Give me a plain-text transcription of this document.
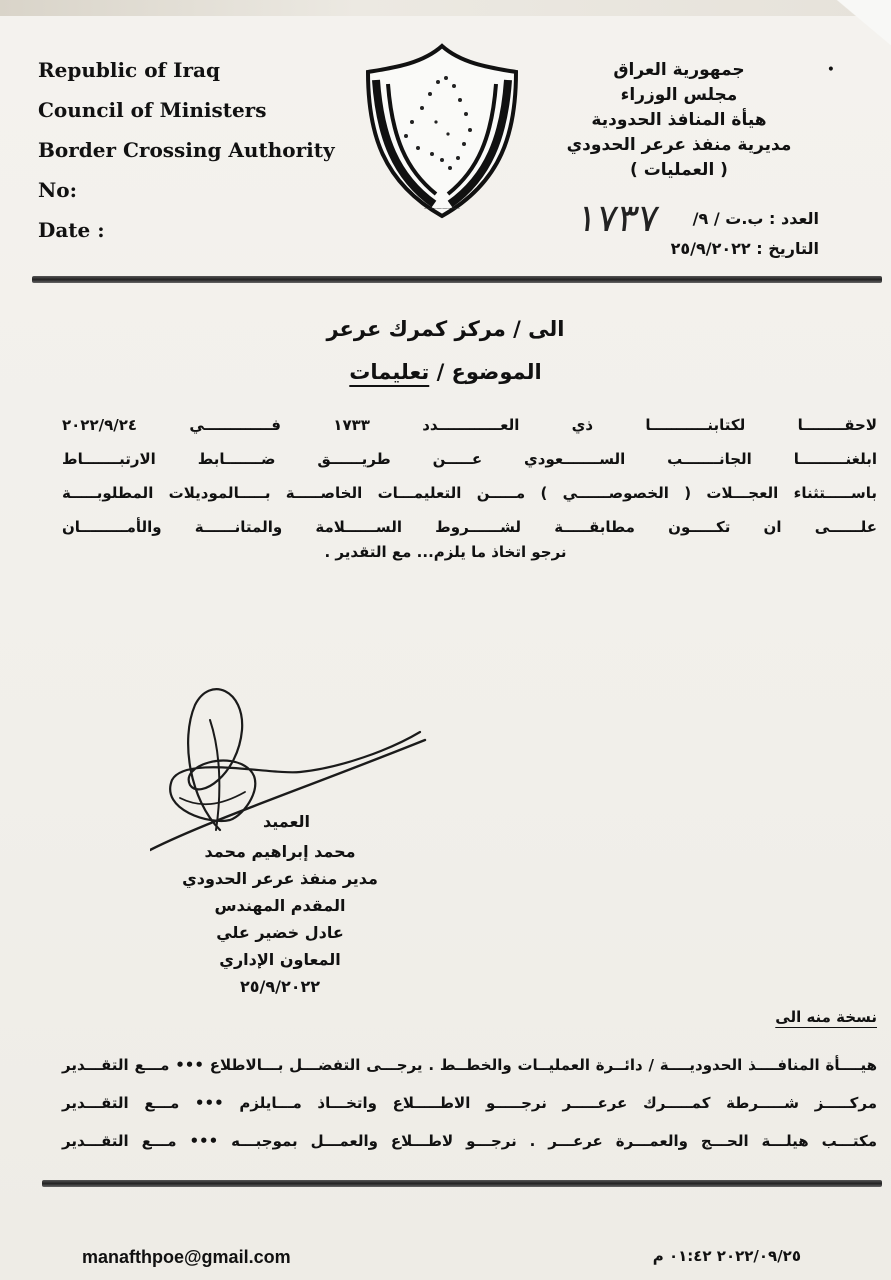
Republic of Iraq
Council of Ministers
Border Crossing Authority
No:
Date :
——————
•
جمهورية العراق
مجلس الوزراء
هيأة المنافذ الحدودية
مديرية منفذ عرعر الحدودي
( العمليات )
١٧٣٧	العدد : ب.ت / ٩/
التاريخ : ٢٥/٩/٢٠٢٢
الى / مركز كمرك عرعر
الموضوع / تعليمات
لاحقــــــــا لكتابنـــــــــــا ذي العــــــــــــدد ١٧٣٣ فـــــــــــــي ٢٠٢٢/٩/٢٤
ابلغنـــــــــا الجانـــــــب الســـــــعودي عـــــن طريــــــق ضـــــــابط الارتبـــــــاط
باســـــتثناء العجـــلات ( الخصوصــــــي ) مـــــن التعليمـــات الخاصـــــة بـــــالموديلات المطلوبـــــة
علــــــى ان تكـــــون مطابقـــــة لشــــــروط الســــــلامة والمتانــــــة والأمـــــــــان
نرجو اتخاذ ما يلزم... مع التقدير .
العميد
محمد إبراهيم محمد
مدير منفذ عرعر الحدودي
المقدم المهندس
عادل خضير علي
المعاون الإداري
٢٥/٩/٢٠٢٢
نسخة منه الى
هيــــأة المنافــــذ الحدوديــــة / دائــرة العمليــات والخطــط . يرجـــى التفضـــل بـــالاطلاع ••• مـــع التقـــدير
مركـــــز شـــــرطة كمـــــرك عرعـــــر نرجـــــو الاطـــــلاع واتخـــاذ مـــايلزم ••• مـــع التقـــدير
مكتـــب هيلـــة الحـــج والعمـــرة عرعـــر . نرجـــو لاطـــلاع والعمـــل بموجبـــه ••• مـــع التقـــدير
manafthpoe@gmail.com	٢٠٢٢/٠٩/٢٥ ٠١:٤٢ م
